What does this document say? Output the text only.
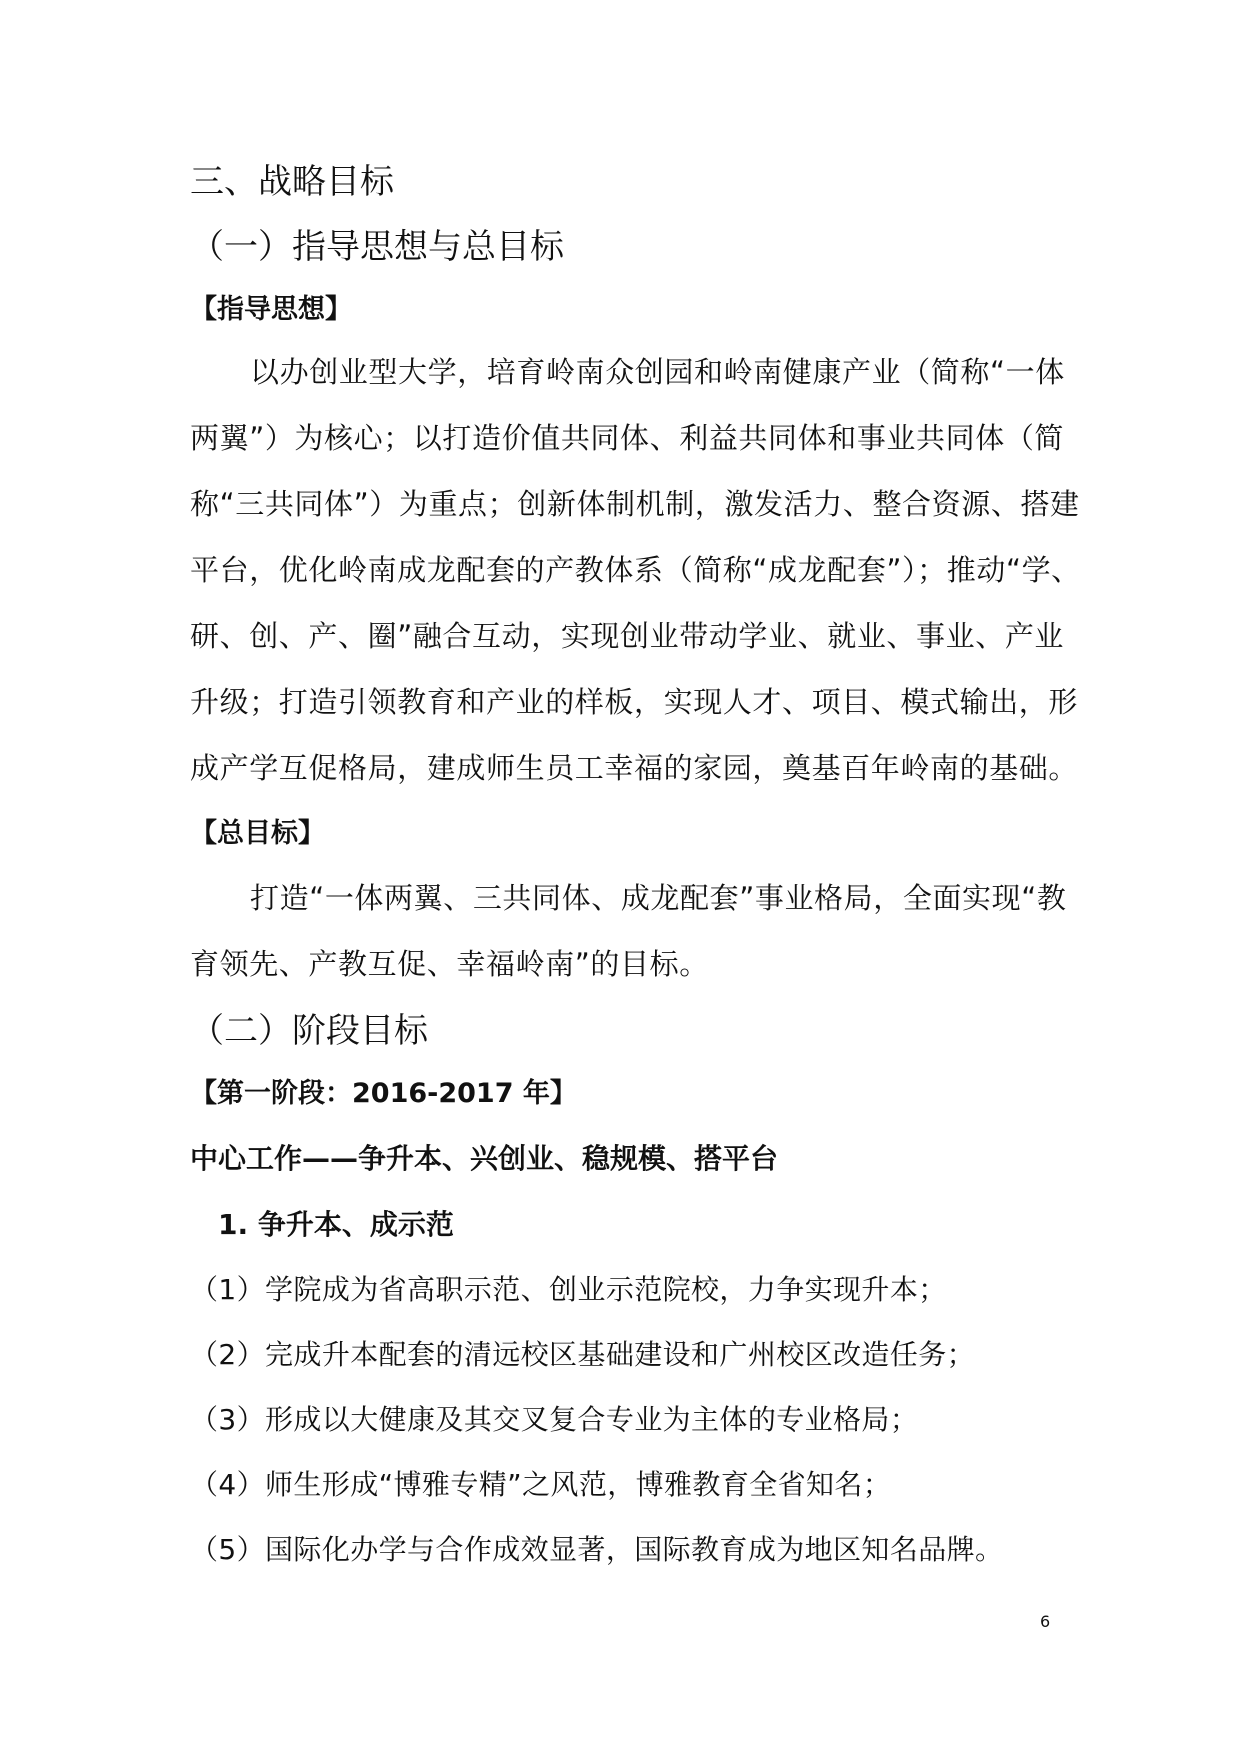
三、战略目标
（一）指导思想与总目标
【指导思想】
以办创业型大学，培育岭南众创园和岭南健康产业（简称“一体
两翼”）为核心；以打造价值共同体、利益共同体和事业共同体（简
称“三共同体”）为重点；创新体制机制，激发活力、整合资源、搭建
平台，优化岭南成龙配套的产教体系（简称“成龙配套”）；推动“学、
研、创、产、圈”融合互动，实现创业带动学业、就业、事业、产业
升级；打造引领教育和产业的样板，实现人才、项目、模式输出，形
成产学互促格局，建成师生员工幸福的家园，奠基百年岭南的基础。
【总目标】
打造“一体两翼、三共同体、成龙配套”事业格局，全面实现“教
育领先、产教互促、幸福岭南”的目标。
（二）阶段目标
【第一阶段：2016-2017 年】
中心工作——争升本、兴创业、稳规模、搭平台
1. 争升本、成示范
（1）学院成为省高职示范、创业示范院校，力争实现升本；
（2）完成升本配套的清远校区基础建设和广州校区改造任务；
（3）形成以大健康及其交叉复合专业为主体的专业格局；
（4）师生形成“博雅专精”之风范，博雅教育全省知名；
（5）国际化办学与合作成效显著，国际教育成为地区知名品牌。
6
